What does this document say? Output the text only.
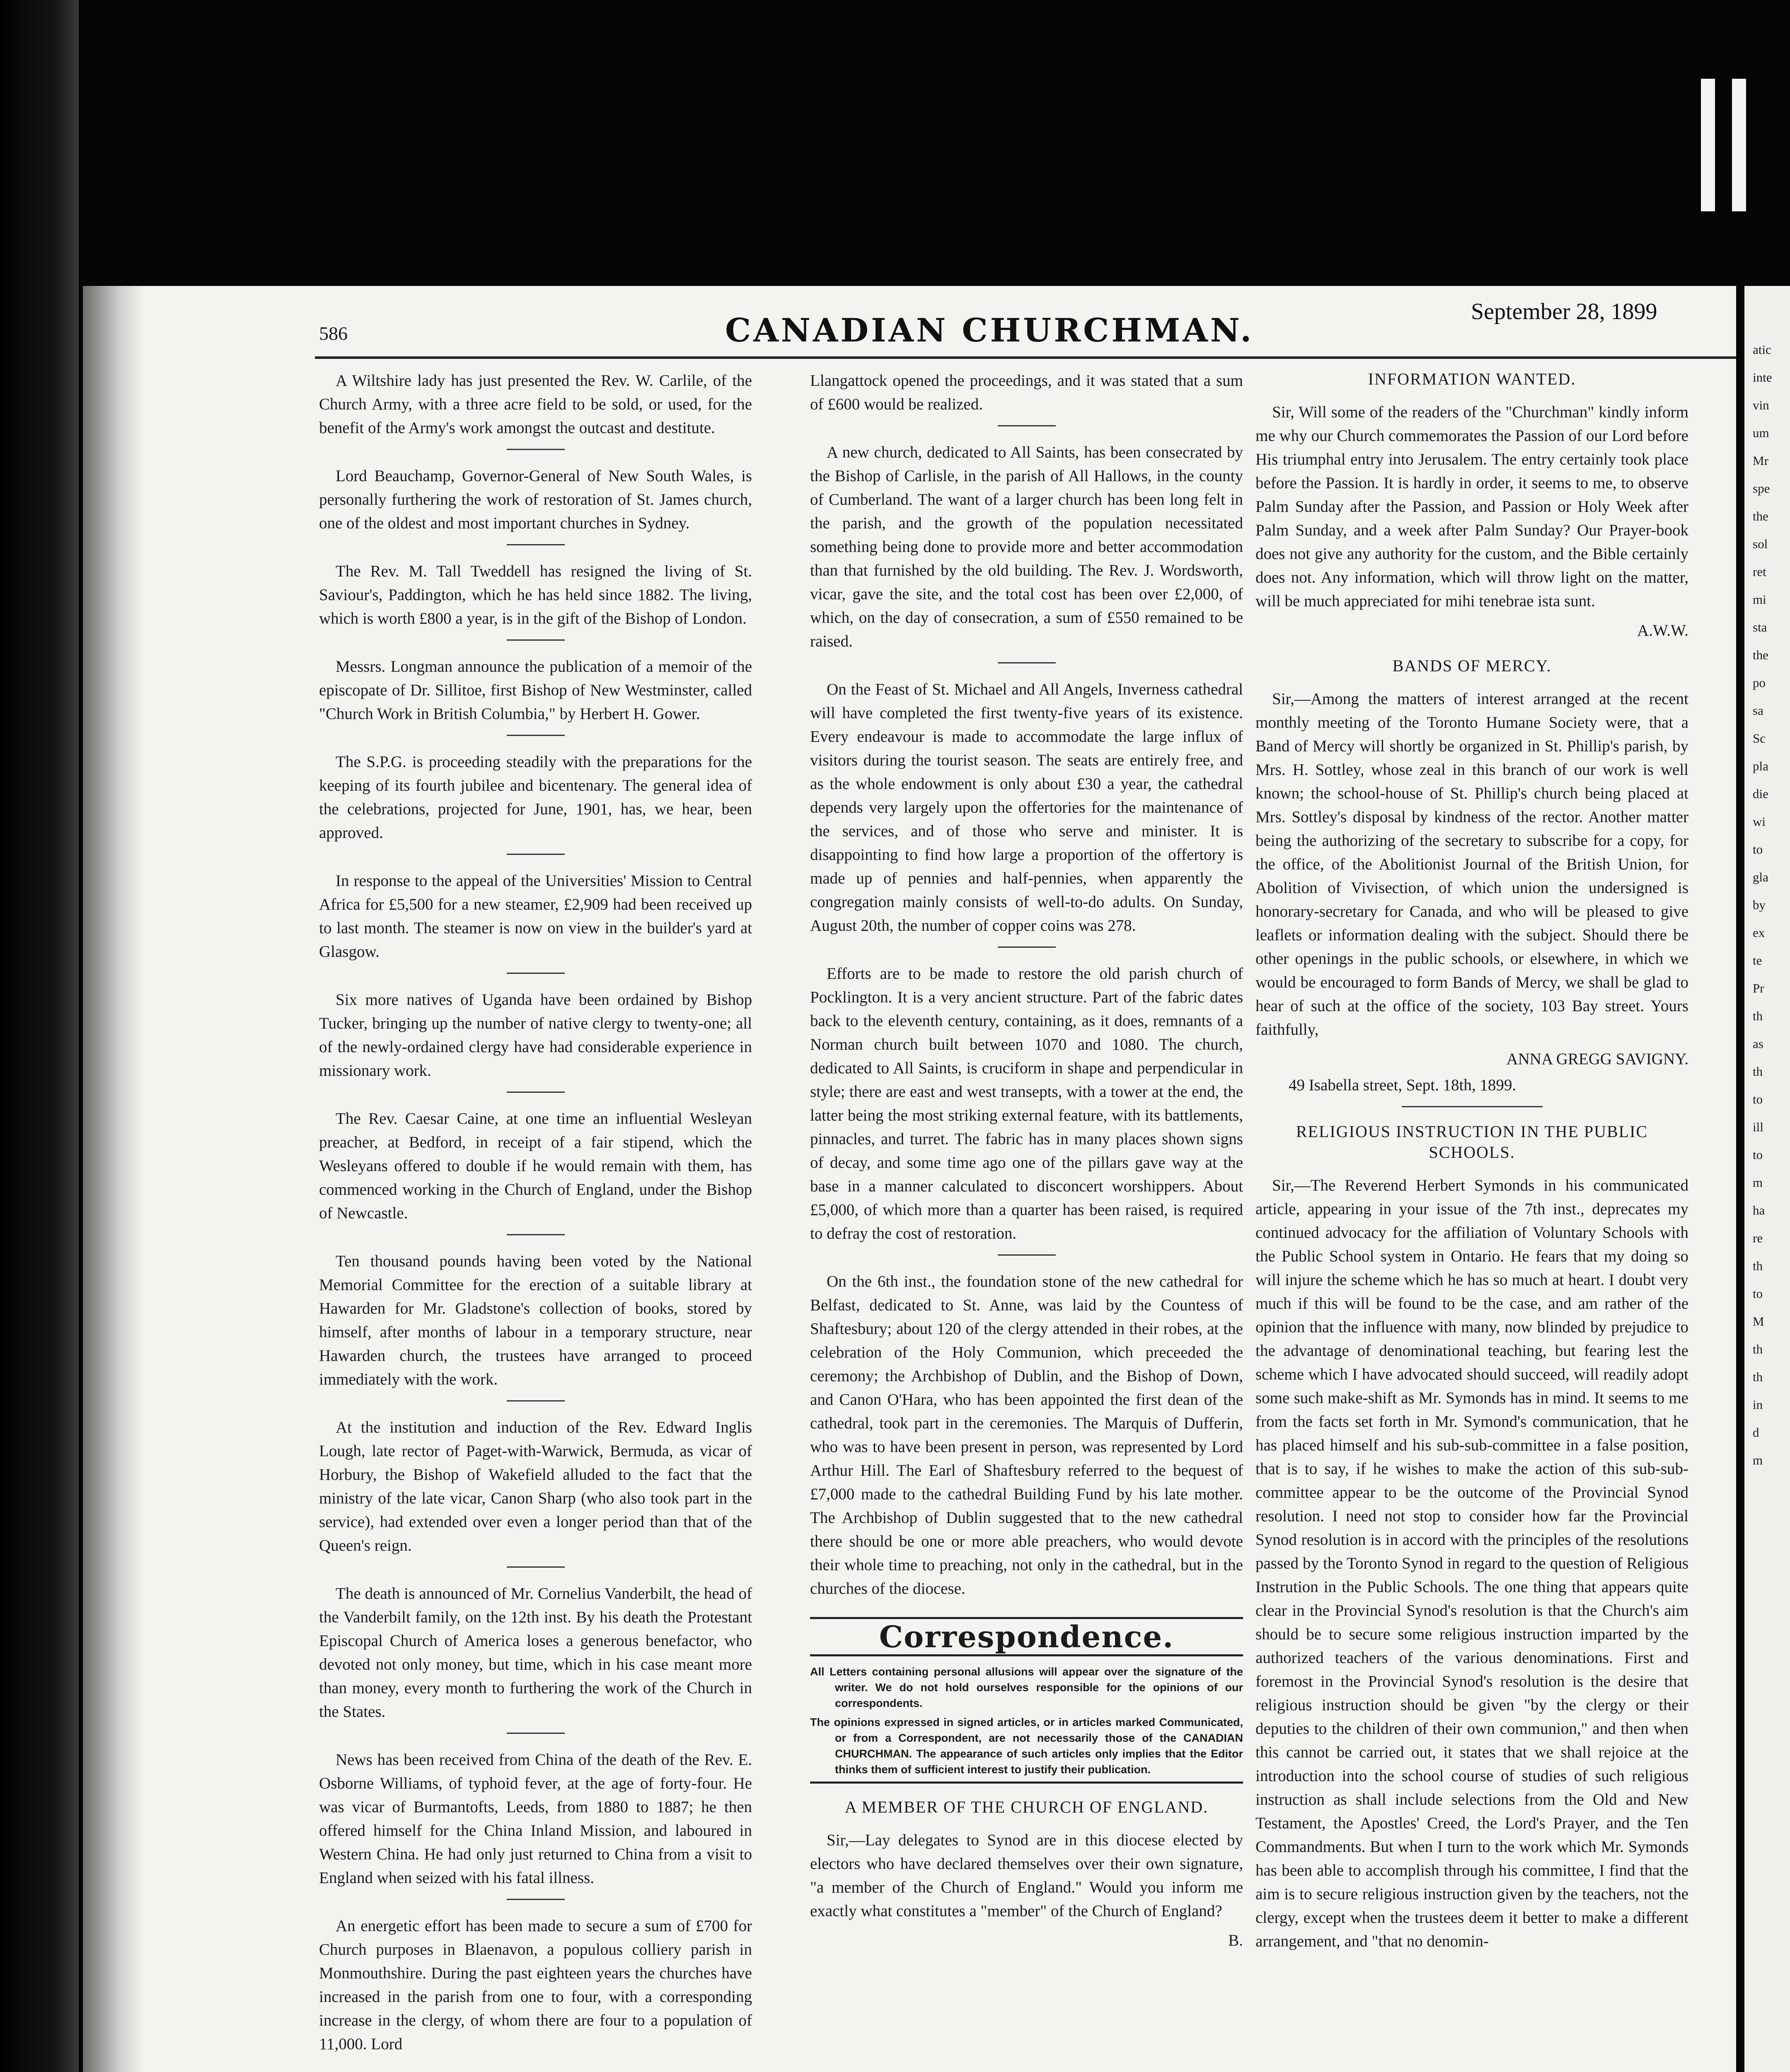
586	CANADIAN CHURCHMAN.	September 28, 1899

A Wiltshire lady has just presented the Rev. W. Carlile, of the Church Army, with a three acre field to be sold, or used, for the benefit of the Army's work amongst the outcast and destitute.

Lord Beauchamp, Governor-General of New South Wales, is personally furthering the work of restoration of St. James church, one of the oldest and most important churches in Sydney.

The Rev. M. Tall Tweddell has resigned the living of St. Saviour's, Paddington, which he has held since 1882. The living, which is worth £800 a year, is in the gift of the Bishop of London.

Messrs. Longman announce the publication of a memoir of the episcopate of Dr. Sillitoe, first Bishop of New Westminster, called "Church Work in British Columbia," by Herbert H. Gower.

The S.P.G. is proceeding steadily with the preparations for the keeping of its fourth jubilee and bicentenary. The general idea of the celebrations, projected for June, 1901, has, we hear, been approved.

In response to the appeal of the Universities' Mission to Central Africa for £5,500 for a new steamer, £2,909 had been received up to last month. The steamer is now on view in the builder's yard at Glasgow.

Six more natives of Uganda have been ordained by Bishop Tucker, bringing up the number of native clergy to twenty-one; all of the newly-ordained clergy have had considerable experience in missionary work.

The Rev. Caesar Caine, at one time an influential Wesleyan preacher, at Bedford, in receipt of a fair stipend, which the Wesleyans offered to double if he would remain with them, has commenced working in the Church of England, under the Bishop of Newcastle.

Ten thousand pounds having been voted by the National Memorial Committee for the erection of a suitable library at Hawarden for Mr. Gladstone's collection of books, stored by himself, after months of labour in a temporary structure, near Hawarden church, the trustees have arranged to proceed immediately with the work.

At the institution and induction of the Rev. Edward Inglis Lough, late rector of Paget-with-Warwick, Bermuda, as vicar of Horbury, the Bishop of Wakefield alluded to the fact that the ministry of the late vicar, Canon Sharp (who also took part in the service), had extended over even a longer period than that of the Queen's reign.

The death is announced of Mr. Cornelius Vanderbilt, the head of the Vanderbilt family, on the 12th inst. By his death the Protestant Episcopal Church of America loses a generous benefactor, who devoted not only money, but time, which in his case meant more than money, every month to furthering the work of the Church in the States.

News has been received from China of the death of the Rev. E. Osborne Williams, of typhoid fever, at the age of forty-four. He was vicar of Burmantofts, Leeds, from 1880 to 1887; he then offered himself for the China Inland Mission, and laboured in Western China. He had only just returned to China from a visit to England when seized with his fatal illness.

An energetic effort has been made to secure a sum of £700 for Church purposes in Blaenavon, a populous colliery parish in Monmouthshire. During the past eighteen years the churches have increased in the parish from one to four, with a corresponding increase in the clergy, of whom there are four to a population of 11,000. Lord

Llangattock opened the proceedings, and it was stated that a sum of £600 would be realized.

A new church, dedicated to All Saints, has been consecrated by the Bishop of Carlisle, in the parish of All Hallows, in the county of Cumberland. The want of a larger church has been long felt in the parish, and the growth of the population necessitated something being done to provide more and better accommodation than that furnished by the old building. The Rev. J. Wordsworth, vicar, gave the site, and the total cost has been over £2,000, of which, on the day of consecration, a sum of £550 remained to be raised.

On the Feast of St. Michael and All Angels, Inverness cathedral will have completed the first twenty-five years of its existence. Every endeavour is made to accommodate the large influx of visitors during the tourist season. The seats are entirely free, and as the whole endowment is only about £30 a year, the cathedral depends very largely upon the offertories for the maintenance of the services, and of those who serve and minister. It is disappointing to find how large a proportion of the offertory is made up of pennies and half-pennies, when apparently the congregation mainly consists of well-to-do adults. On Sunday, August 20th, the number of copper coins was 278.

Efforts are to be made to restore the old parish church of Pocklington. It is a very ancient structure. Part of the fabric dates back to the eleventh century, containing, as it does, remnants of a Norman church built between 1070 and 1080. The church, dedicated to All Saints, is cruciform in shape and perpendicular in style; there are east and west transepts, with a tower at the end, the latter being the most striking external feature, with its battlements, pinnacles, and turret. The fabric has in many places shown signs of decay, and some time ago one of the pillars gave way at the base in a manner calculated to disconcert worshippers. About £5,000, of which more than a quarter has been raised, is required to defray the cost of restoration.

On the 6th inst., the foundation stone of the new cathedral for Belfast, dedicated to St. Anne, was laid by the Countess of Shaftesbury; about 120 of the clergy attended in their robes, at the celebration of the Holy Communion, which preceeded the ceremony; the Archbishop of Dublin, and the Bishop of Down, and Canon O'Hara, who has been appointed the first dean of the cathedral, took part in the ceremonies. The Marquis of Dufferin, who was to have been present in person, was represented by Lord Arthur Hill. The Earl of Shaftesbury referred to the bequest of £7,000 made to the cathedral Building Fund by his late mother. The Archbishop of Dublin suggested that to the new cathedral there should be one or more able preachers, who would devote their whole time to preaching, not only in the cathedral, but in the churches of the diocese.

Correspondence.

All Letters containing personal allusions will appear over the signature of the writer. We do not hold ourselves responsible for the opinions of our correspondents.

The opinions expressed in signed articles, or in articles marked Communicated, or from a Correspondent, are not necessarily those of the CANADIAN CHURCHMAN. The appearance of such articles only implies that the Editor thinks them of sufficient interest to justify their publication.

A MEMBER OF THE CHURCH OF ENGLAND.

Sir,—Lay delegates to Synod are in this diocese elected by electors who have declared themselves over their own signature, "a member of the Church of England." Would you inform me exactly what constitutes a "member" of the Church of England?

B.
INFORMATION WANTED.

Sir, Will some of the readers of the "Churchman" kindly inform me why our Church commemorates the Passion of our Lord before His triumphal entry into Jerusalem. The entry certainly took place before the Passion. It is hardly in order, it seems to me, to observe Palm Sunday after the Passion, and Passion or Holy Week after Palm Sunday, and a week after Palm Sunday? Our Prayer-book does not give any authority for the custom, and the Bible certainly does not. Any information, which will throw light on the matter, will be much appreciated for mihi tenebrae ista sunt.

A.W.W.
BANDS OF MERCY.

Sir,—Among the matters of interest arranged at the recent monthly meeting of the Toronto Humane Society were, that a Band of Mercy will shortly be organized in St. Phillip's parish, by Mrs. H. Sottley, whose zeal in this branch of our work is well known; the school-house of St. Phillip's church being placed at Mrs. Sottley's disposal by kindness of the rector. Another matter being the authorizing of the secretary to subscribe for a copy, for the office, of the Abolitionist Journal of the British Union, for Abolition of Vivisection, of which union the undersigned is honorary-secretary for Canada, and who will be pleased to give leaflets or information dealing with the subject. Should there be other openings in the public schools, or elsewhere, in which we would be encouraged to form Bands of Mercy, we shall be glad to hear of such at the office of the society, 103 Bay street. Yours faithfully,

ANNA GREGG SAVIGNY.
49 Isabella street, Sept. 18th, 1899.
RELIGIOUS INSTRUCTION IN THE PUBLIC SCHOOLS.

Sir,—The Reverend Herbert Symonds in his communicated article, appearing in your issue of the 7th inst., deprecates my continued advocacy for the affiliation of Voluntary Schools with the Public School system in Ontario. He fears that my doing so will injure the scheme which he has so much at heart. I doubt very much if this will be found to be the case, and am rather of the opinion that the influence with many, now blinded by prejudice to the advantage of denominational teaching, but fearing lest the scheme which I have advocated should succeed, will readily adopt some such make-shift as Mr. Symonds has in mind. It seems to me from the facts set forth in Mr. Symond's communication, that he has placed himself and his sub-sub-committee in a false position, that is to say, if he wishes to make the action of this sub-sub-committee appear to be the outcome of the Provincial Synod resolution. I need not stop to consider how far the Provincial Synod resolution is in accord with the principles of the resolutions passed by the Toronto Synod in regard to the question of Religious Instrution in the Public Schools. The one thing that appears quite clear in the Provincial Synod's resolution is that the Church's aim should be to secure some religious instruction imparted by the authorized teachers of the various denominations. First and foremost in the Provincial Synod's resolution is the desire that religious instruction should be given "by the clergy or their deputies to the children of their own communion," and then when this cannot be carried out, it states that we shall rejoice at the introduction into the school course of studies of such religious instruction as shall include selections from the Old and New Testament, the Apostles' Creed, the Lord's Prayer, and the Ten Commandments. But when I turn to the work which Mr. Symonds has been able to accomplish through his committee, I find that the aim is to secure religious instruction given by the teachers, not the clergy, except when the trustees deem it better to make a different arrangement, and "that no denomin-

atic
inte
vin
um
Mr
spe
the
sol
ret
mi
sta
the
po
sa
Sc
pla
die
wi
to
gla
by
ex
te
Pr
th
as
th
to
ill
to
m
ha
re
th
to
M
th
th
in
d
m
